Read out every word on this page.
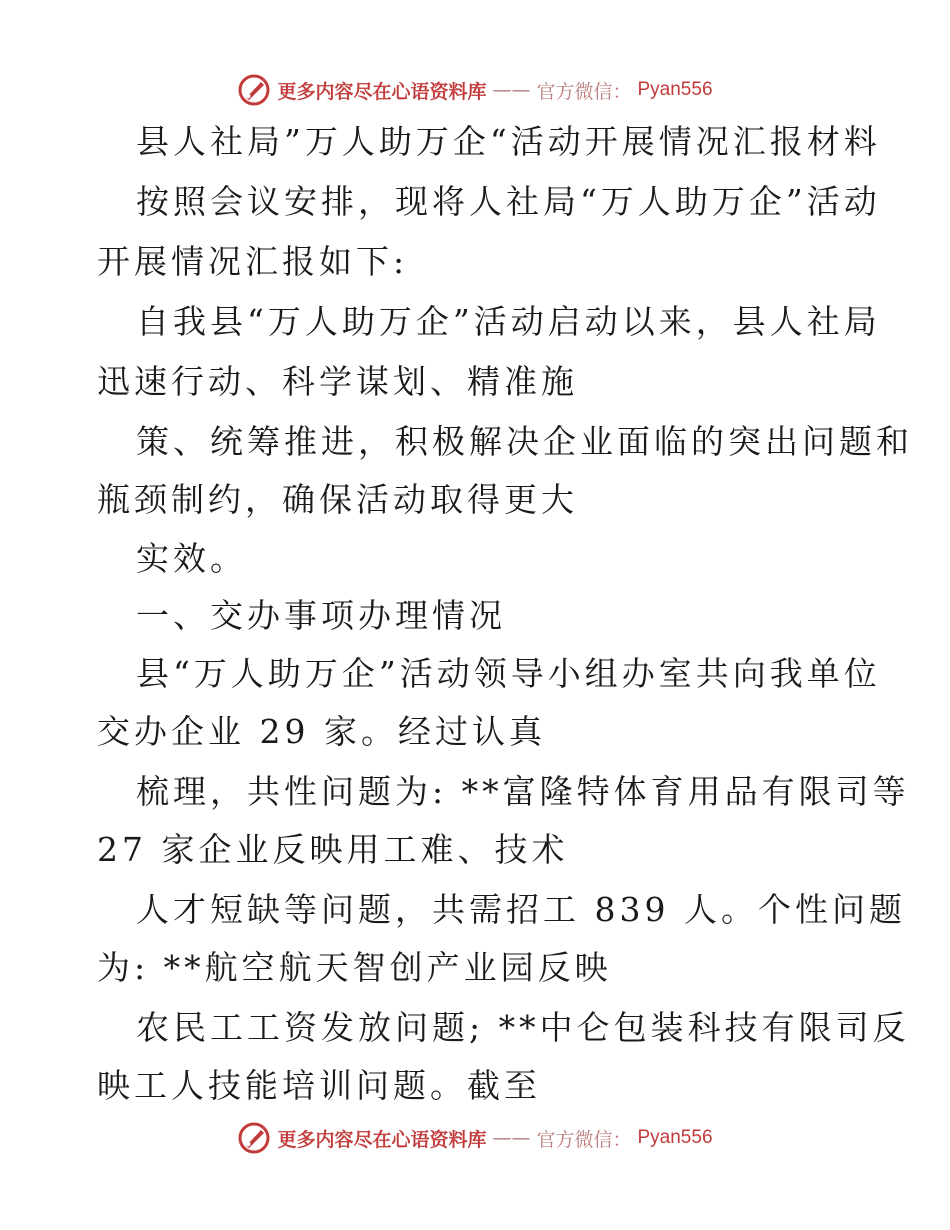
更多内容尽在心语资料库 —— 官方微信： Pyan556
县人社局”万人助万企“活动开展情况汇报材料
按照会议安排，现将人社局“万人助万企”活动
开展情况汇报如下:
自我县“万人助万企”活动启动以来，县人社局
迅速行动、科学谋划、精准施
策、统筹推进，积极解决企业面临的突出问题和
瓶颈制约，确保活动取得更大
实效。
一、交办事项办理情况
县“万人助万企”活动领导小组办室共向我单位
交办企业 29 家。经过认真
梳理，共性问题为: **富隆特体育用品有限司等
27 家企业反映用工难、技术
人才短缺等问题，共需招工 839 人。个性问题
为: **航空航天智创产业园反映
农民工工资发放问题; **中仑包装科技有限司反
映工人技能培训问题。截至
更多内容尽在心语资料库 —— 官方微信： Pyan556
